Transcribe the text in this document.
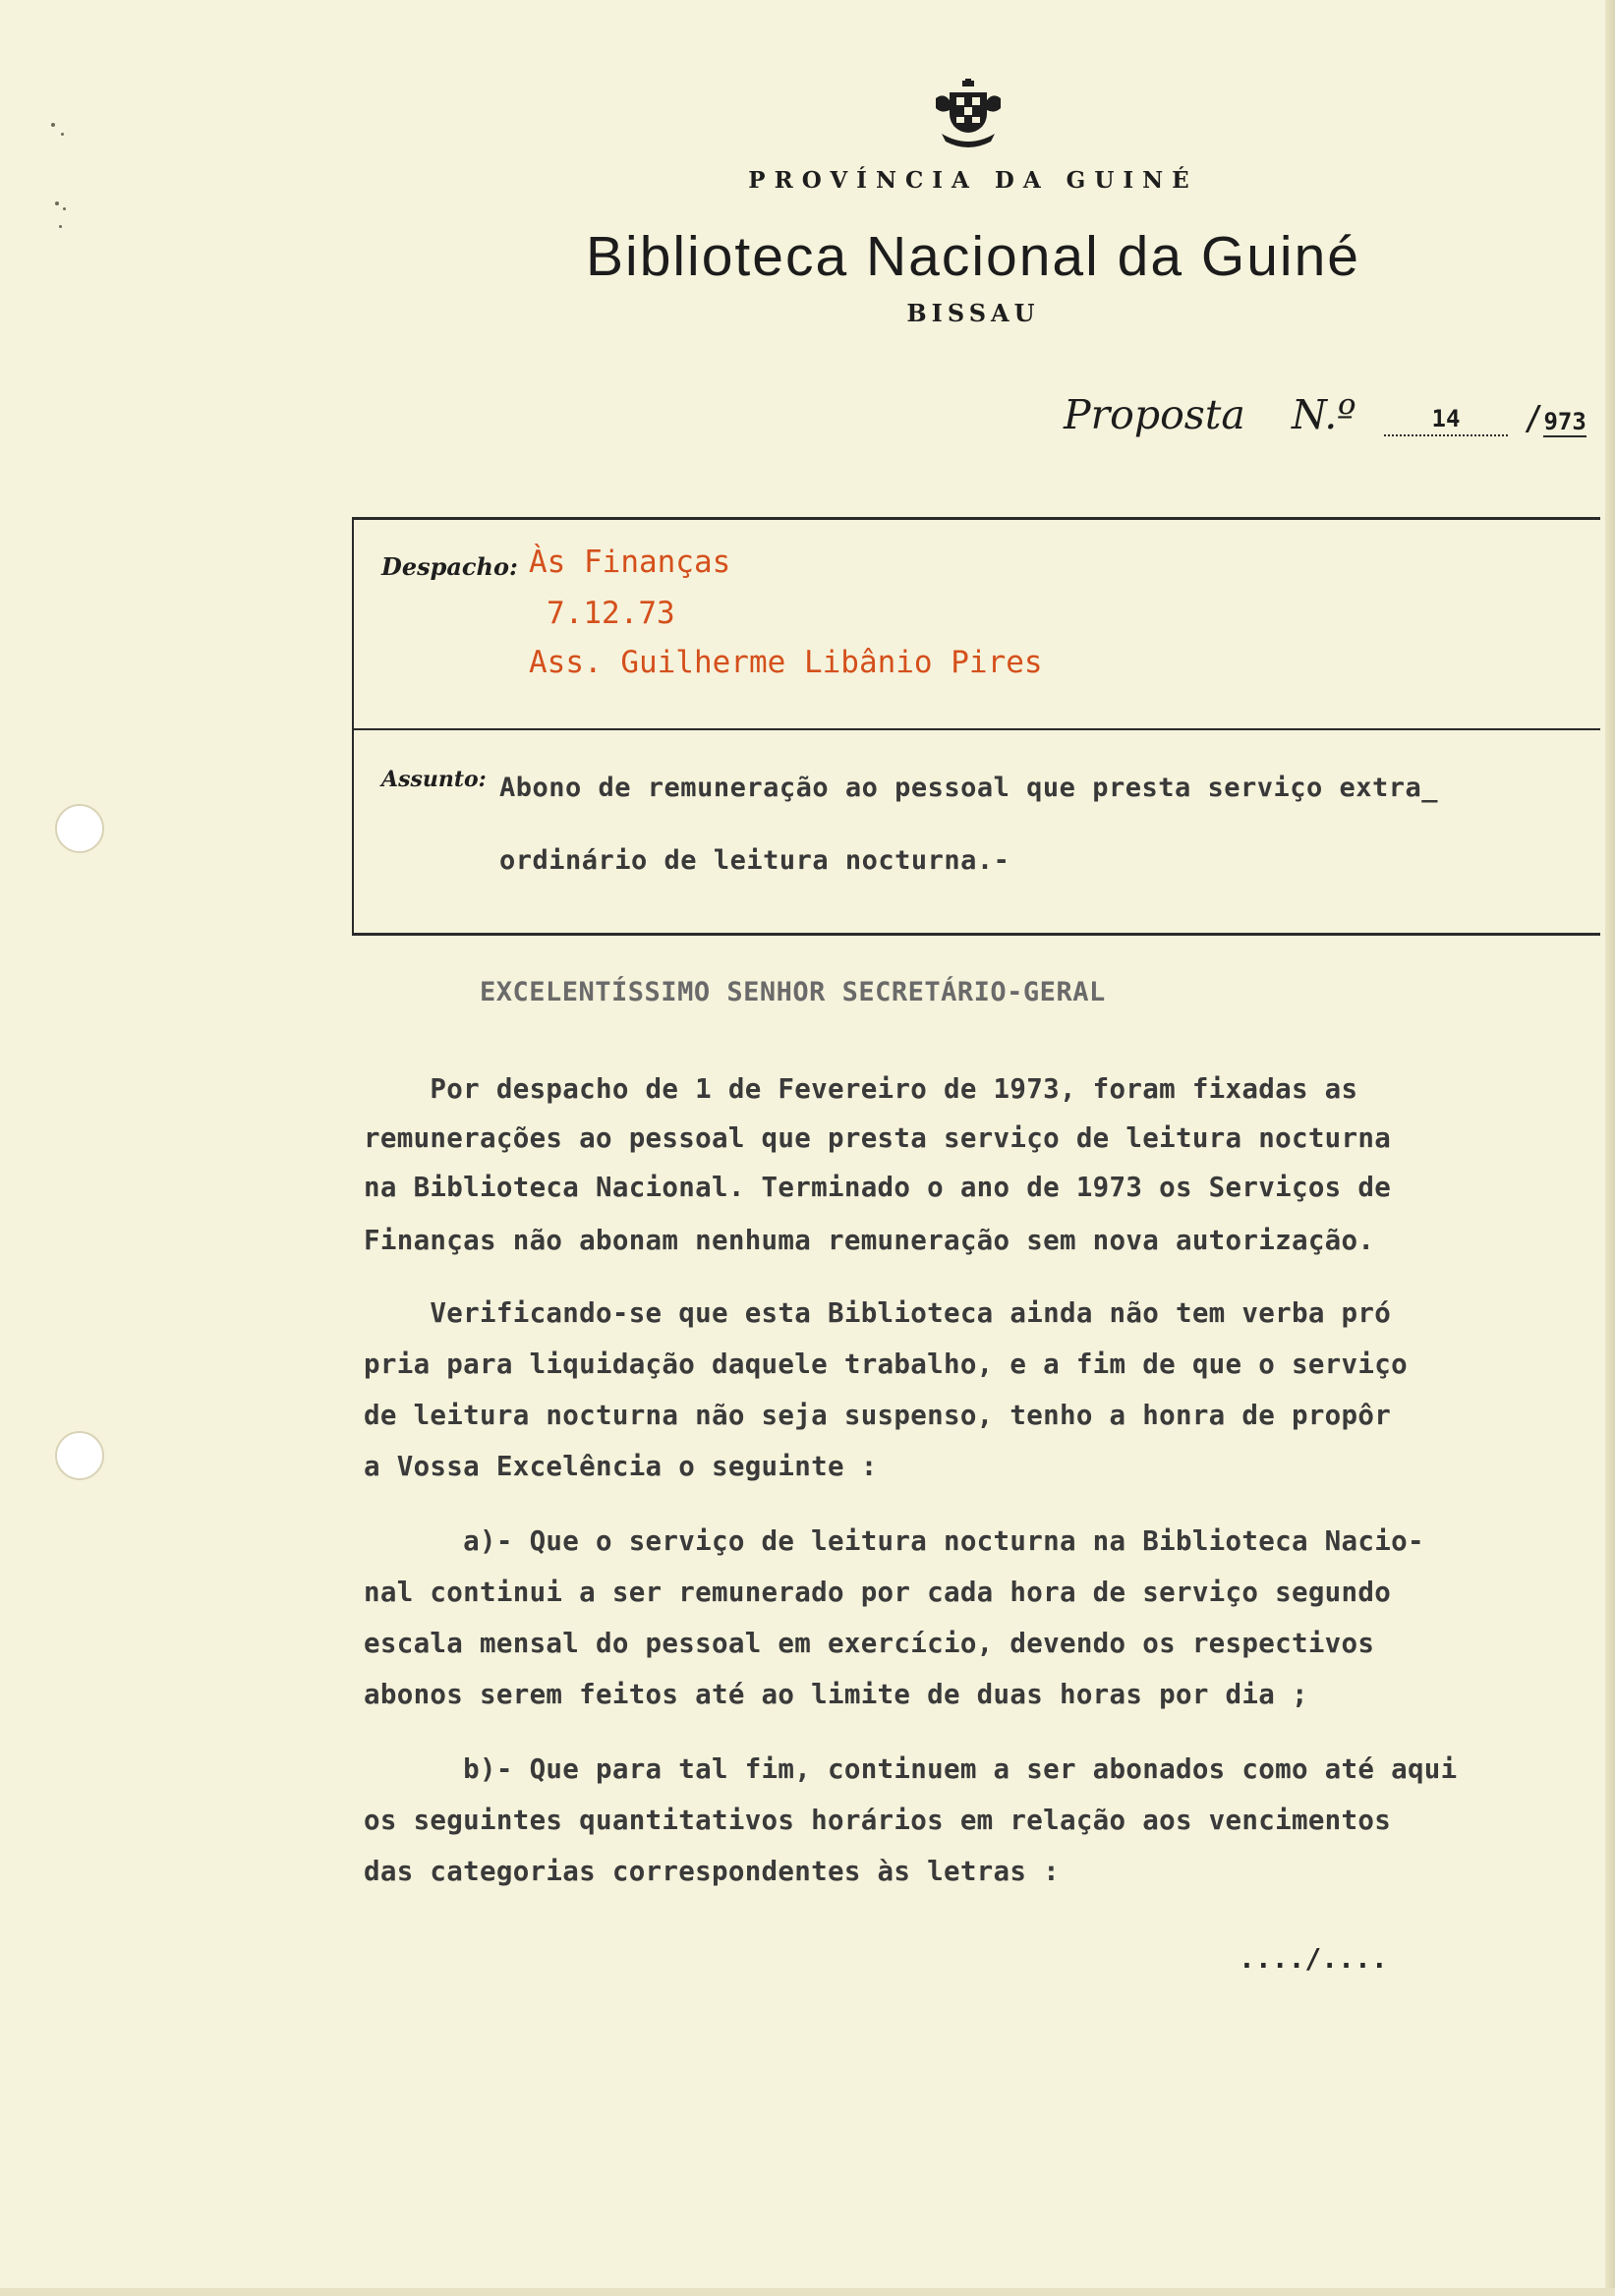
PROVÍNCIA DA GUINÉ
Biblioteca Nacional da Guiné
BISSAU
Proposta N.º	14	/973
Despacho: Às Finanças
7.12.73
Ass. Guilherme Libânio Pires
Assunto: Abono de remuneração ao pessoal que presta serviço extra_
ordinário de leitura nocturna.-
EXCELENTÍSSIMO SENHOR SECRETÁRIO-GERAL
Por despacho de 1 de Fevereiro de 1973, foram fixadas as
remunerações ao pessoal que presta serviço de leitura nocturna
na Biblioteca Nacional. Terminado o ano de 1973 os Serviços de
Finanças não abonam nenhuma remuneração sem nova autorização.
Verificando-se que esta Biblioteca ainda não tem verba pró
pria para liquidação daquele trabalho, e a fim de que o serviço
de leitura nocturna não seja suspenso, tenho a honra de propôr
a Vossa Excelência o seguinte :
a)- Que o serviço de leitura nocturna na Biblioteca Nacio-
nal continui a ser remunerado por cada hora de serviço segundo
escala mensal do pessoal em exercício, devendo os respectivos
abonos serem feitos até ao limite de duas horas por dia ;
b)- Que para tal fim, continuem a ser abonados como até aqui
os seguintes quantitativos horários em relação aos vencimentos
das categorias correspondentes às letras :
..../....
